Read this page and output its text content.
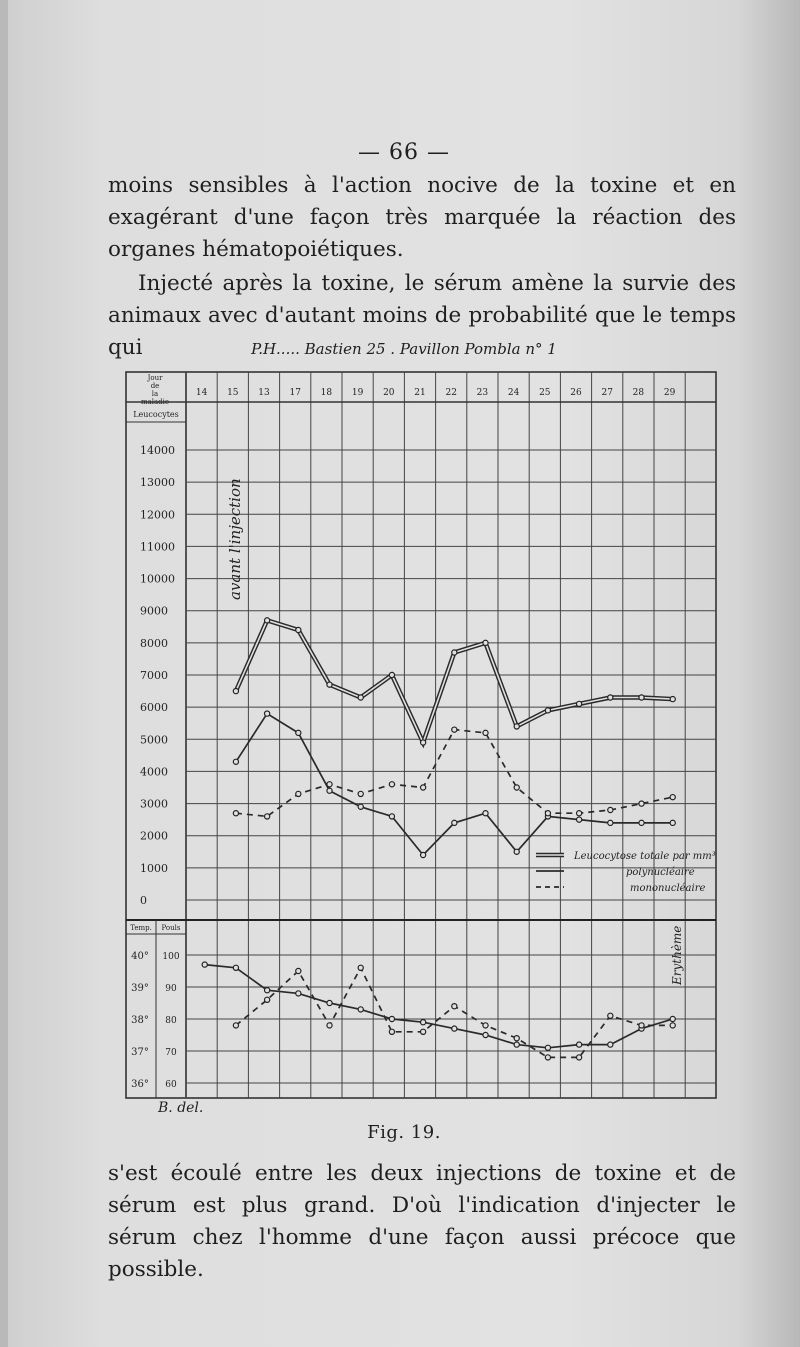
— 66 —

moins sensibles à l'action nocive de la toxine et en exagérant d'une façon très marquée la réaction des organes hématopoiétiques.

Injecté après la toxine, le sérum amène la survie des animaux avec d'autant moins de probabilité que le temps qui	P.H..... Bastien 25 . Pavillon Pombla n° 1
Jour
de
la
maladie
Leucocytes
14 15 13 17 18 19 20 21 22 23 24 25 26 27 28 29
14000
13000
12000
11000
10000
9000
8000
7000
6000
5000
4000
3000
2000
1000
0
Temp. Pouls
40°
39°
38°
37°
36°
100
90
80
70
60
avant l'injection
Erythème
Leucocytose totale par mm³
polynucléaire
mononucléaire
B. del.
Fig. 19.

s'est écoulé entre les deux injections de toxine et de sérum est plus grand. D'où l'indication d'injecter le sérum chez l'homme d'une façon aussi précoce que possible.
